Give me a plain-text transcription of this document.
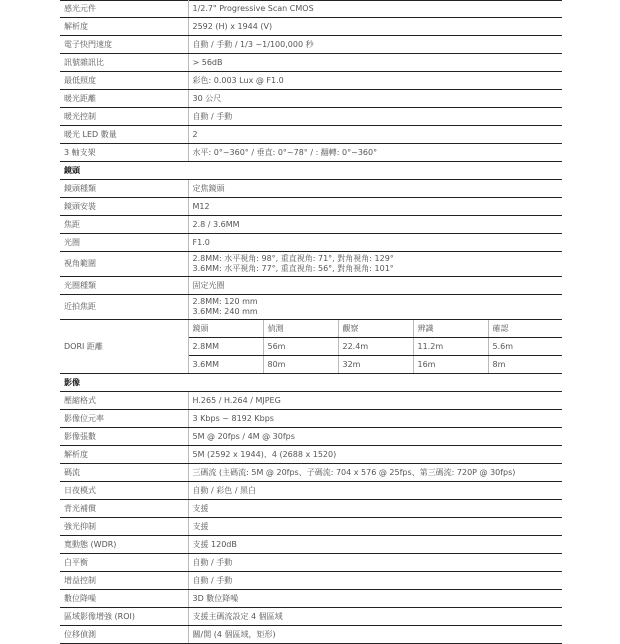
感光元件	1/2.7" Progressive Scan CMOS				
解析度	2592 (H) x 1944 (V)				
電子快門速度	自動 / 手動 / 1/3 ~1/100,000 秒				
訊號雜訊比	> 56dB				
最低照度	彩色: 0.003 Lux @ F1.0				
暖光距離	30 公尺				
暖光控制	自動 / 手動				
暖光 LED 數量	2				
3 軸支架	水平: 0°~360° / 垂直: 0°~78° / : 翻轉: 0°~360°				
鏡頭					
鏡頭種類	定焦鏡頭				
鏡頭安裝	M12				
焦距	2.8 / 3.6MM				
光圈	F1.0				
視角範圍	2.8MM: 水平視角: 98°, 重直視角: 71°, 對角視角: 129°
3.6MM: 水平視角: 77°, 重直視角: 56°, 對角視角: 101°				

光圈種類	固定光圈				
近拍焦距	2.8MM: 120 mm
3.6MM: 240 mm				

DORI 距離	鏡頭	偵測	觀察	辨識	確認
	2.8MM	56m	22.4m	11.2m	5.6m
	3.6MM	80m	32m	16m	8m
影像					
壓縮格式	H.265 / H.264 / MJPEG				
影像位元率	3 Kbps ~ 8192 Kbps				
影像張數	5M @ 20fps / 4M @ 30fps				
解析度	5M (2592 x 1944)、4 (2688 x 1520)				
碼流	三碼流 (主碼流: 5M @ 20fps、子碼流: 704 x 576 @ 25fps、第三碼流: 720P @ 30fps)				
日夜模式	自動 / 彩色 / 黑白				
背光補償	支援				
強光抑制	支援				
寬動態 (WDR)	支援 120dB				
白平衡	自動 / 手動				
增益控制	自動 / 手動				
數位降噪	3D 數位降噪				
區域影像增強 (ROI)	支援主碼流設定 4 個區域				
位移偵測	關/開 (4 個區域，矩形)				
